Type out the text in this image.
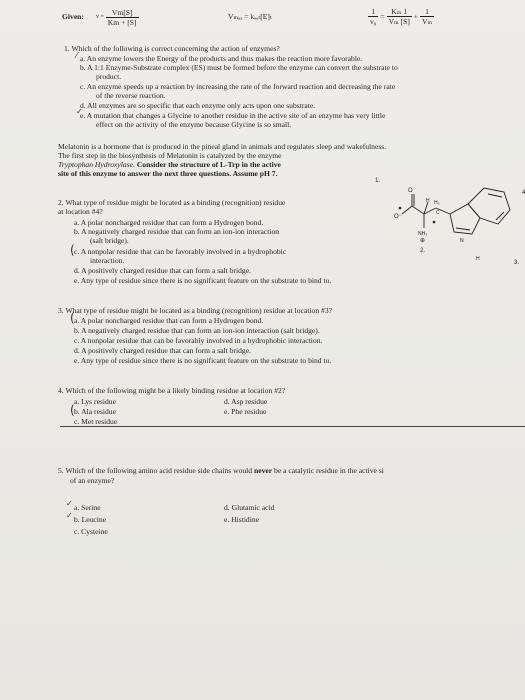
Given: $v = \frac{Vm[S]}{Km + [S]}$	Vₘₐₓ = kₔₐₜ[E]ₜ	$\frac{1}{\text{v₀}} = \frac{\text{Kₘ 1}}{\text{Vₘ [S]}} + \frac{1}{\text{Vₘ}}$
1. Which of the following is correct concerning the action of enzymes?
a. An enzyme lowers the Energy of the products and thus makes the reaction more favorable.
b. A 1:1 Enzyme-Substrate complex (ES) must be formed before the enzyme can convert the substrate to
product.
c. An enzyme speeds up a reaction by increasing the rate of the forward reaction and decreasing the rate
of the reverse reaction.
d. All enzymes are so specific that each enzyme only acts upon one substrate.
e. A mutation that changes a Glycine to another residue in the active site of an enzyme has very little
effect on the activity of the enzyme because Glycine is so small.
⁄
✓
Melatonin is a hormone that is produced in the pineal gland in animals and regulates sleep and wakefulness.
The first step in the biosynthesis of Melatonin is catalyzed by the enzyme
Tryptophan Hydroxylase. Consider the structure of L-Trp in the active
site of this enzyme to answer the next three questions. Assume pH 7.
1.
4
O
O⁻
H H₂
C
NH₃
⊕
2.
N
H
3.
2. What type of residue might be located as a binding (recognition) residue
at location #4?
a. A polar noncharged residue that can form a Hydrogen bond.
b. A negatively charged residue that can form an ion-ion interaction
(salt bridge).
c. A nonpolar residue that can be favorably involved in a hydrophobic
interaction.
d. A positively charged residue that can form a salt bridge.
e. Any type of residue since there is no significant feature on the substrate to bind to.
(
3. What type of residue might be located as a binding (recognition) residue at location #3?
a. A polar noncharged residue that can form a Hydrogen bond.
b. A negatively charged residue that can form an ion-ion interaction (salt bridge).
c. A nonpolar residue that can be favorably involved in a hydrophobic interaction.
d. A positively charged residue that can form a salt bridge.
e. Any type of residue since there is no significant feature on the substrate to bind to.
(
4. Which of the following might be a likely binding residue at location #2?
a. Lys residue
b. Ala residue
c. Met residue
d. Asp residue
e. Phe residue
(
5. Which of the following amino acid residue side chains would never be a catalytic residue in the active si
of an enzyme?
a. Serine
b. Leucine
c. Cysteine
d. Glutamic acid
e. Histidine
✓
✓
